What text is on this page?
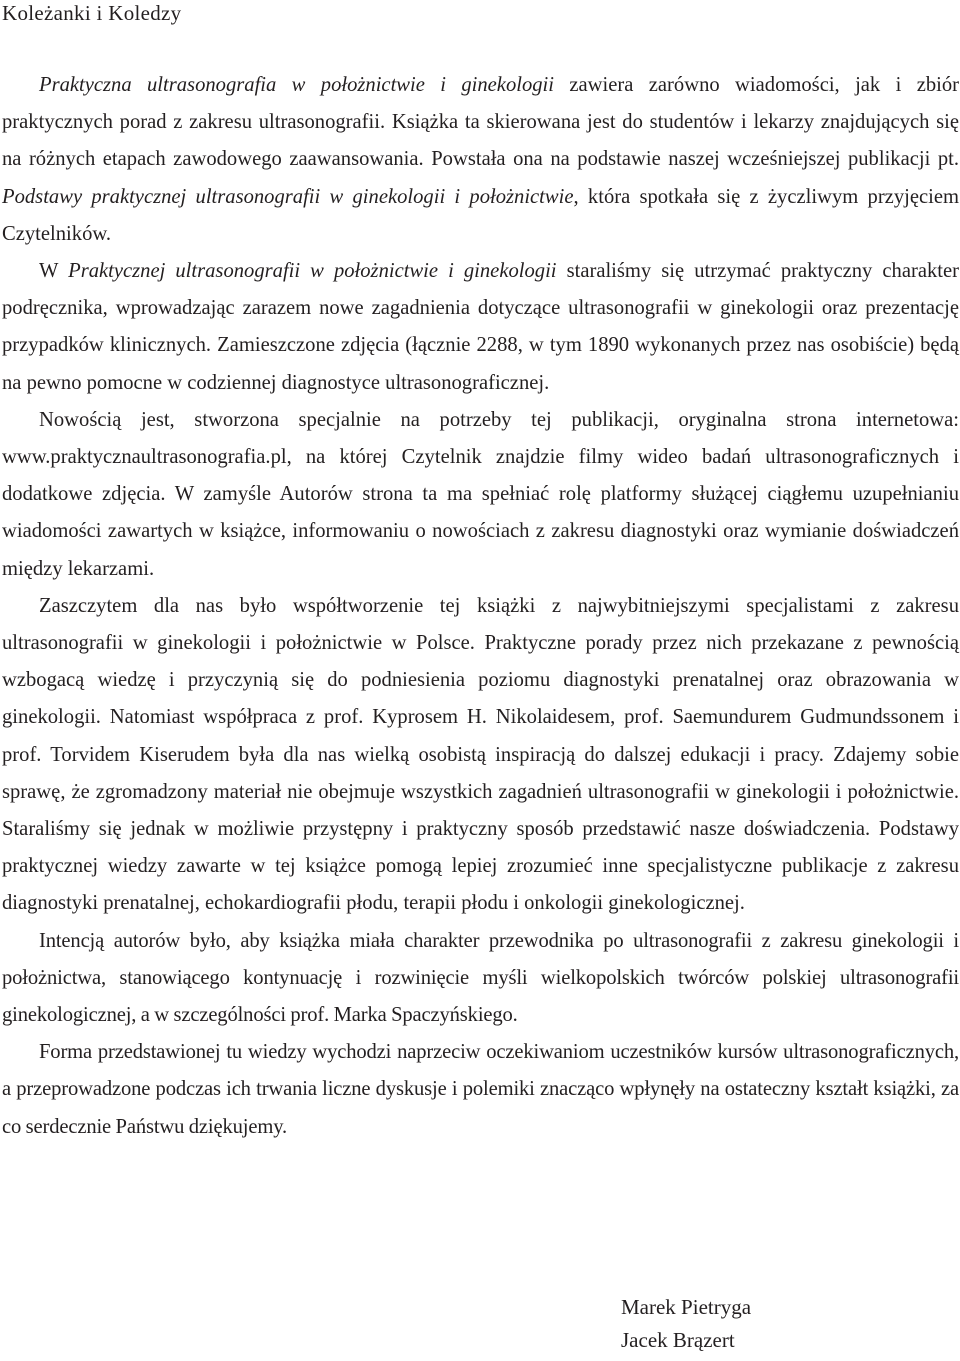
Koleżanki i Koledzy

Praktyczna ultrasonografia w położnictwie i ginekologii zawiera zarówno wiadomości, jak i zbiór praktycznych porad z zakresu ultrasonografii. Książka ta skierowana jest do studentów i lekarzy znajdujących się na różnych etapach zawodowego zaawansowania. Powstała ona na podstawie naszej wcześniejszej publikacji pt. Podstawy praktycznej ultrasonografii w ginekologii i położnictwie, która spotkała się z życzliwym przyjęciem Czytelników.

W Praktycznej ultrasonografii w położnictwie i ginekologii staraliśmy się utrzymać praktyczny charakter podręcznika, wprowadzając zarazem nowe zagadnienia dotyczące ultrasonografii w ginekologii oraz prezentację przypadków klinicznych. Zamieszczone zdjęcia (łącznie 2288, w tym 1890 wykonanych przez nas osobiście) będą na pewno pomocne w codziennej diagnostyce ultrasonograficznej.

Nowością jest, stworzona specjalnie na potrzeby tej publikacji, oryginalna strona internetowa: www.praktycznaultrasonografia.pl, na której Czytelnik znajdzie filmy wideo badań ultrasonograficznych i dodatkowe zdjęcia. W zamyśle Autorów strona ta ma spełniać rolę platformy służącej ciągłemu uzupełnianiu wiadomości zawartych w książce, informowaniu o nowościach z zakresu diagnostyki oraz wymianie doświadczeń między lekarzami.

Zaszczytem dla nas było współtworzenie tej książki z najwybitniejszymi specjalistami z zakresu ultrasonografii w ginekologii i położnictwie w Polsce. Praktyczne porady przez nich przekazane z pewnością wzbogacą wiedzę i przyczynią się do podniesienia poziomu diagnostyki prenatalnej oraz obrazowania w ginekologii. Natomiast współpraca z prof. Kyprosem H. Nikolaidesem, prof. Saemundurem Gudmundssonem i prof. Torvidem Kiserudem była dla nas wielką osobistą inspiracją do dalszej edukacji i pracy. Zdajemy sobie sprawę, że zgromadzony materiał nie obejmuje wszystkich zagadnień ultrasonografii w ginekologii i położnictwie. Staraliśmy się jednak w możliwie przystępny i praktyczny sposób przedstawić nasze doświadczenia. Podstawy praktycznej wiedzy zawarte w tej książce pomogą lepiej zrozumieć inne specjalistyczne publikacje z zakresu diagnostyki prenatalnej, echokardiografii płodu, terapii płodu i onkologii ginekologicznej.

Intencją autorów było, aby książka miała charakter przewodnika po ultrasonografii z zakresu ginekologii i położnictwa, stanowiącego kontynuację i rozwinięcie myśli wielkopolskich twórców polskiej ultrasonografii ginekologicznej, a w szczególności prof. Marka Spaczyńskiego.

Forma przedstawionej tu wiedzy wychodzi naprzeciw oczekiwaniom uczestników kursów ultrasonograficznych, a przeprowadzone podczas ich trwania liczne dyskusje i polemiki znacząco wpłynęły na ostateczny kształt książki, za co serdecznie Państwu dziękujemy.

Marek Pietryga
Jacek Brązert
